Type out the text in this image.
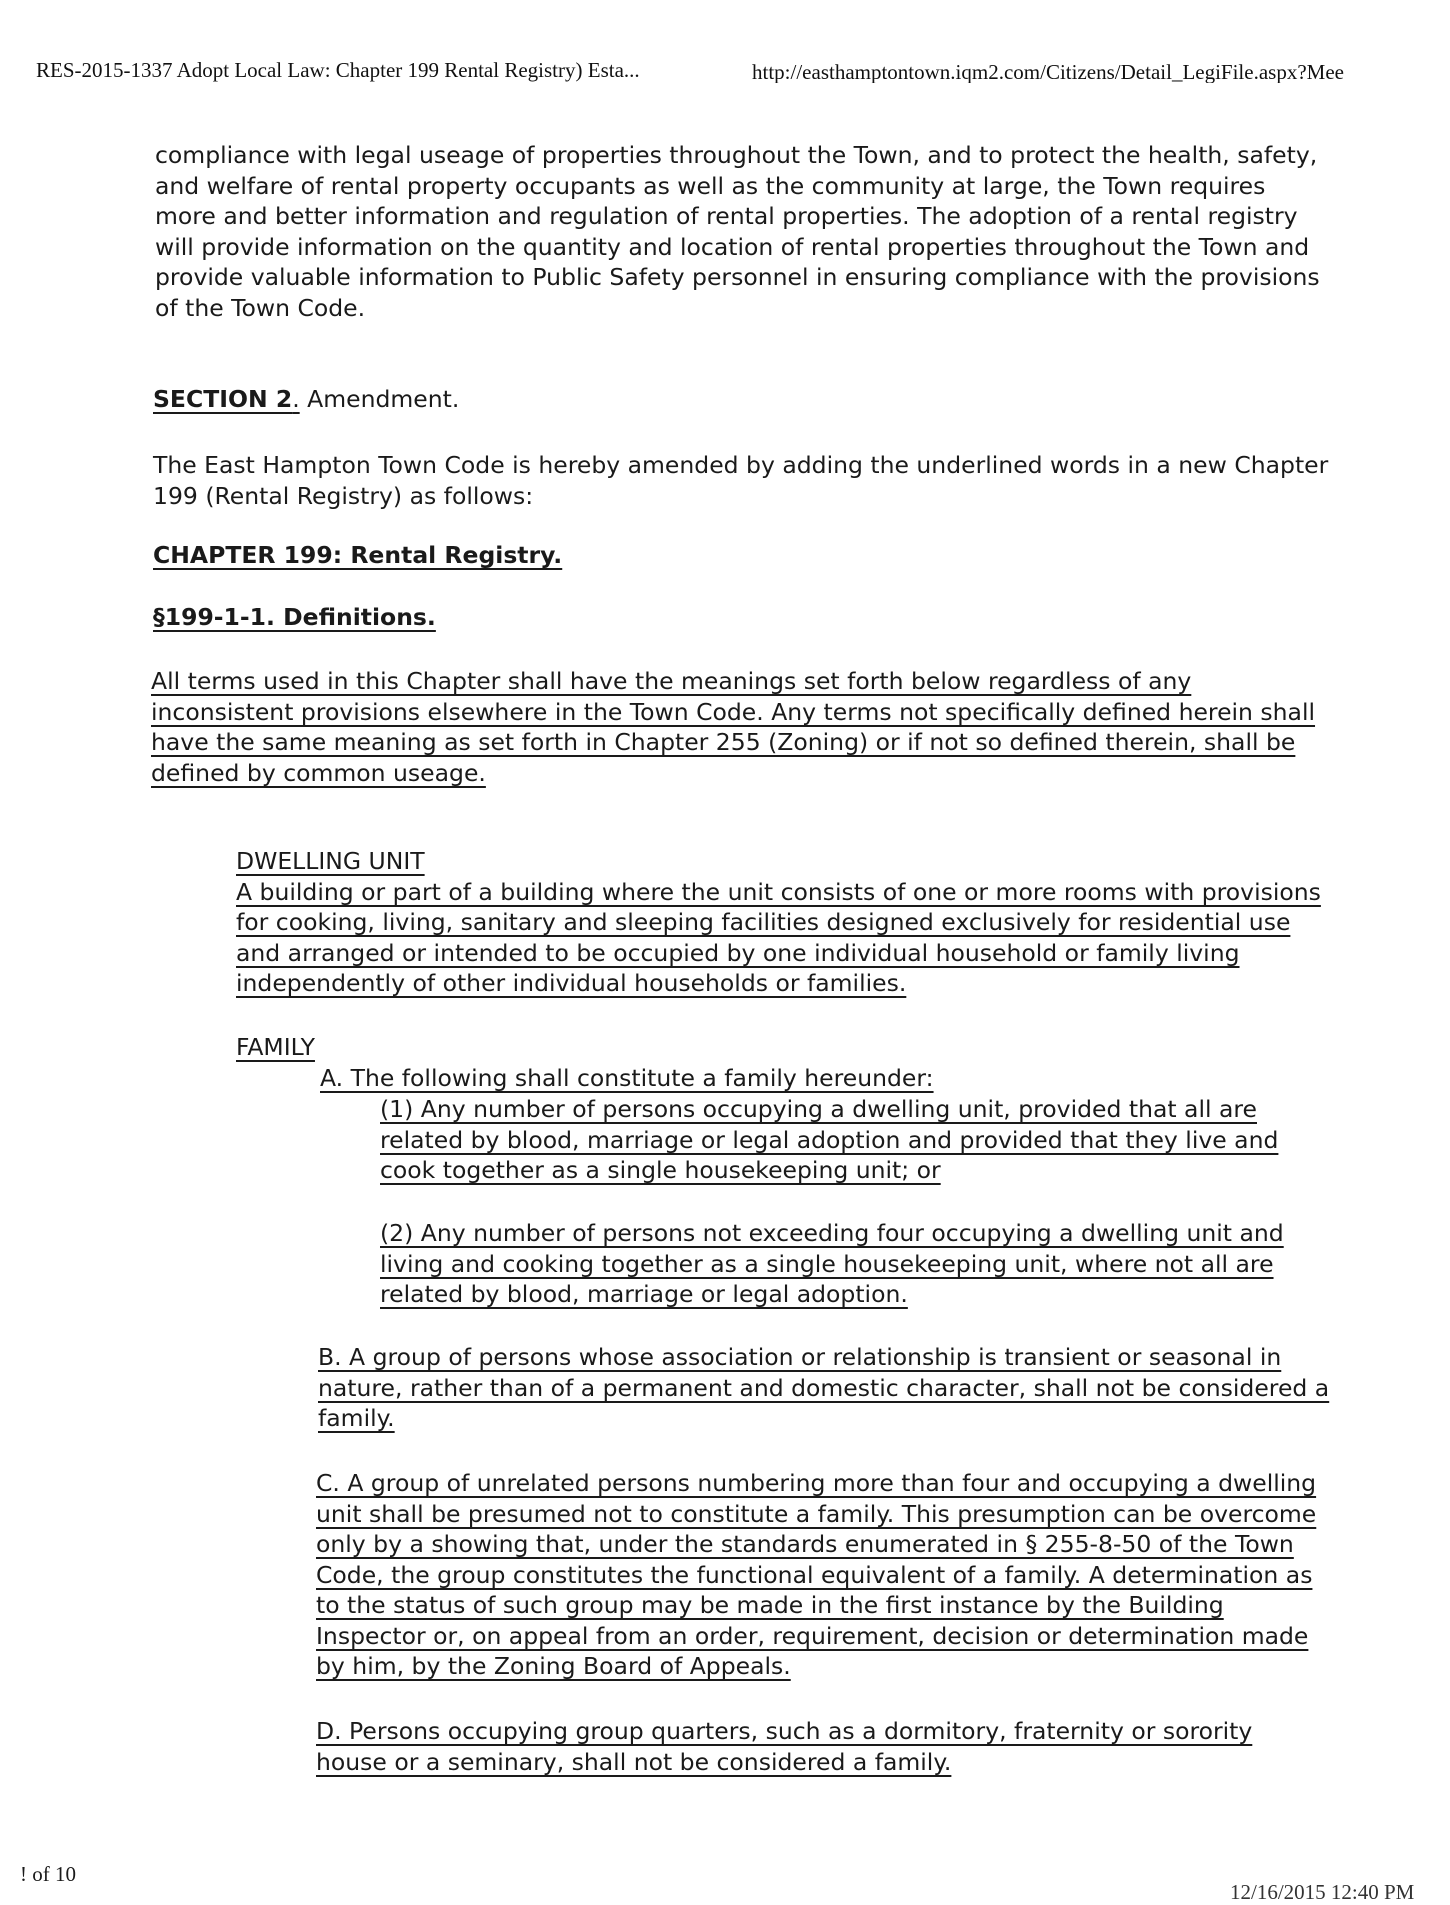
RES-2015-1337 Adopt Local Law: Chapter 199 Rental Registry) Esta...	http://easthamptontown.iqm2.com/Citizens/Detail_LegiFile.aspx?Mee
compliance with legal useage of properties throughout the Town, and to protect the health, safety,
and welfare of rental property occupants as well as the community at large, the Town requires
more and better information and regulation of rental properties. The adoption of a rental registry
will provide information on the quantity and location of rental properties throughout the Town and
provide valuable information to Public Safety personnel in ensuring compliance with the provisions
of the Town Code.
SECTION 2. Amendment.
The East Hampton Town Code is hereby amended by adding the underlined words in a new Chapter
199 (Rental Registry) as follows:
CHAPTER 199: Rental Registry.
§199-1-1. Definitions.
All terms used in this Chapter shall have the meanings set forth below regardless of any
inconsistent provisions elsewhere in the Town Code. Any terms not specifically defined herein shall
have the same meaning as set forth in Chapter 255 (Zoning) or if not so defined therein, shall be
defined by common useage.
DWELLING UNIT
A building or part of a building where the unit consists of one or more rooms with provisions
for cooking, living, sanitary and sleeping facilities designed exclusively for residential use
and arranged or intended to be occupied by one individual household or family living
independently of other individual households or families.
FAMILY
A. The following shall constitute a family hereunder:
(1) Any number of persons occupying a dwelling unit, provided that all are
related by blood, marriage or legal adoption and provided that they live and
cook together as a single housekeeping unit; or
(2) Any number of persons not exceeding four occupying a dwelling unit and
living and cooking together as a single housekeeping unit, where not all are
related by blood, marriage or legal adoption.
B. A group of persons whose association or relationship is transient or seasonal in
nature, rather than of a permanent and domestic character, shall not be considered a
family.
C. A group of unrelated persons numbering more than four and occupying a dwelling
unit shall be presumed not to constitute a family. This presumption can be overcome
only by a showing that, under the standards enumerated in § 255-8-50 of the Town
Code, the group constitutes the functional equivalent of a family. A determination as
to the status of such group may be made in the first instance by the Building
Inspector or, on appeal from an order, requirement, decision or determination made
by him, by the Zoning Board of Appeals.
D. Persons occupying group quarters, such as a dormitory, fraternity or sorority
house or a seminary, shall not be considered a family.
! of 10
12/16/2015 12:40 PM
